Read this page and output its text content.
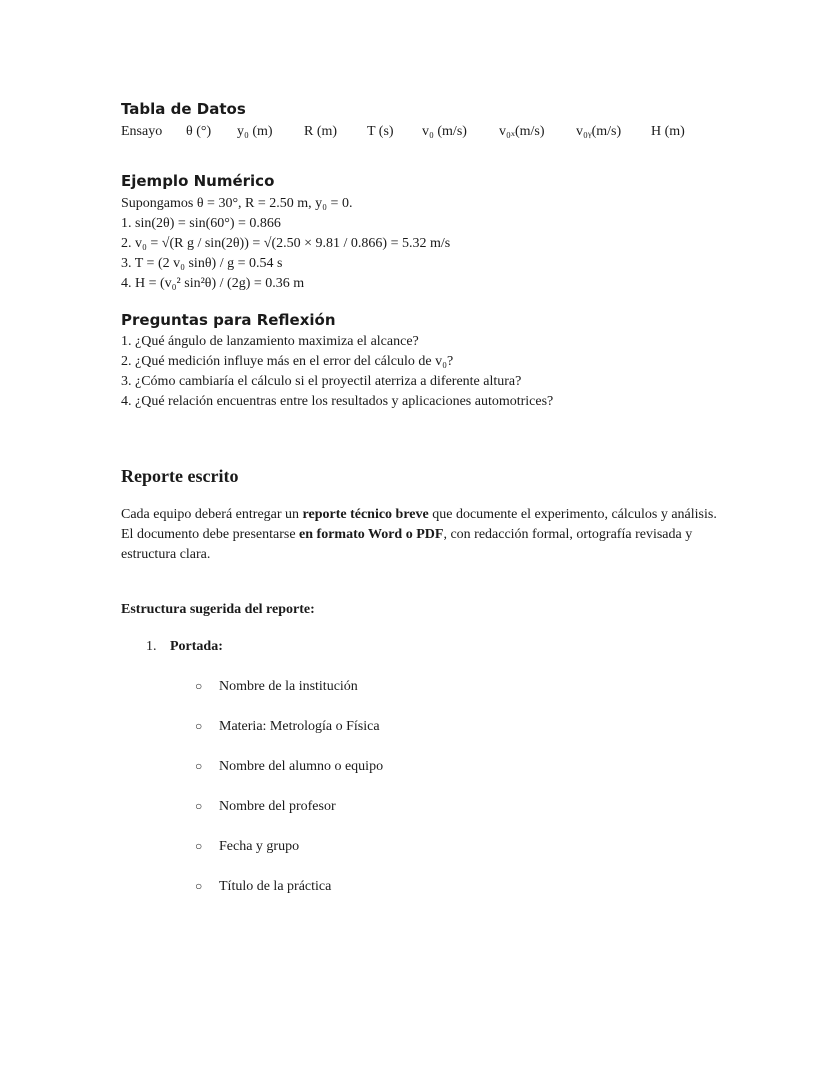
Tabla de Datos
Ensayo θ (°) y₀ (m) R (m) T (s) v₀ (m/s) v₀ₓ(m/s) v₀ᵧ(m/s) H (m)
Ejemplo Numérico
Supongamos θ = 30°, R = 2.50 m, y₀ = 0.
1. sin(2θ) = sin(60°) = 0.866
2. v₀ = √(R g / sin(2θ)) = √(2.50 × 9.81 / 0.866) = 5.32 m/s
3. T = (2 v₀ sinθ) / g = 0.54 s
4. H = (v₀² sin²θ) / (2g) = 0.36 m
Preguntas para Reflexión
1. ¿Qué ángulo de lanzamiento maximiza el alcance?
2. ¿Qué medición influye más en el error del cálculo de v₀?
3. ¿Cómo cambiaría el cálculo si el proyectil aterriza a diferente altura?
4. ¿Qué relación encuentras entre los resultados y aplicaciones automotrices?
Reporte escrito

Cada equipo deberá entregar un reporte técnico breve que documente el experimento, cálculos y análisis.

El documento debe presentarse en formato Word o PDF, con redacción formal, ortografía revisada y estructura clara.

Estructura sugerida del reporte:
1. Portada:
○ Nombre de la institución
○ Materia: Metrología o Física
○ Nombre del alumno o equipo
○ Nombre del profesor
○ Fecha y grupo
○ Título de la práctica
